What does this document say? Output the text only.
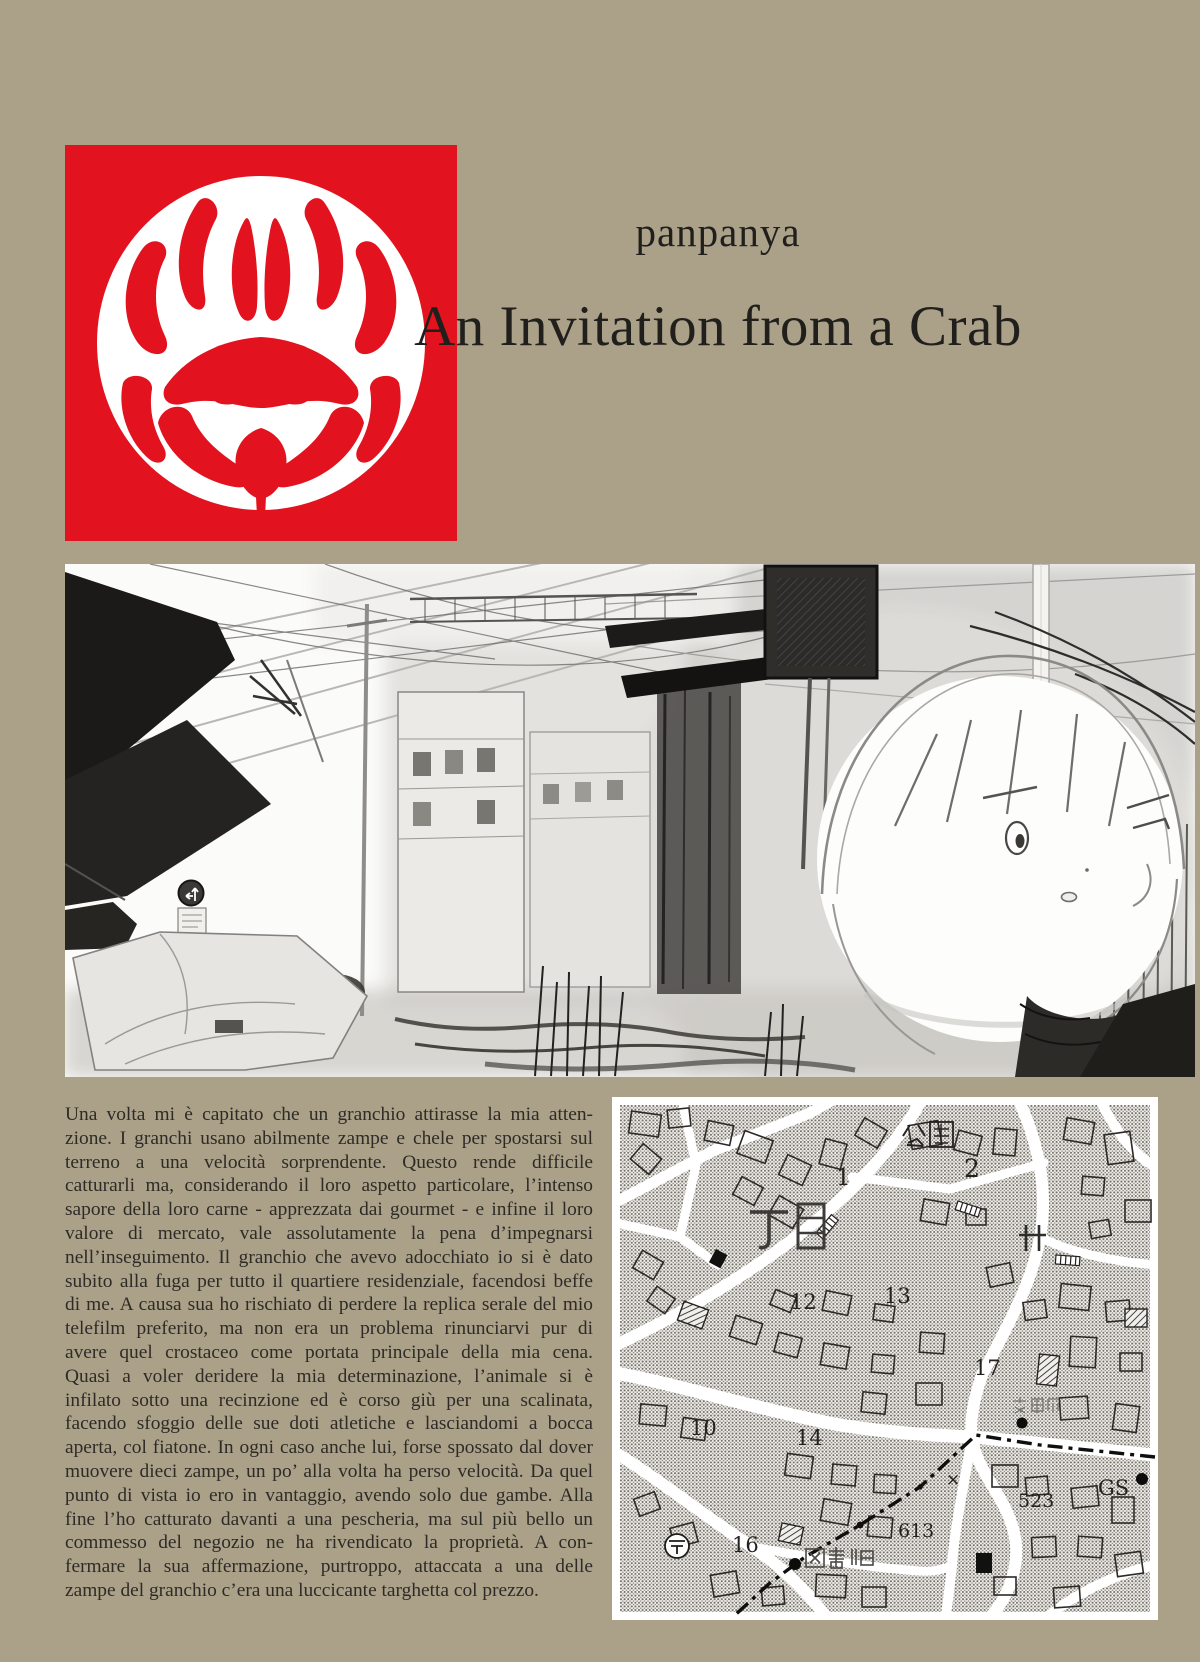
panpanya
An Invitation from a Crab
Una volta mi è capitato che un granchio attirasse la mia atten-
zione. I granchi usano abilmente zampe e chele per spostarsi sul
terreno a una velocità sorprendente. Questo rende difficile
catturarli ma, considerando il loro aspetto particolare, l’intenso
sapore della loro carne - apprezzata dai gourmet - e infine il loro
valore di mercato, vale assolutamente la pena d’impegnarsi
nell’inseguimento. Il granchio che avevo adocchiato io si è dato
subito alla fuga per tutto il quartiere residenziale, facendosi beffe
di me. A causa sua ho rischiato di perdere la replica serale del mio
telefilm preferito, ma non era un problema rinunciarvi pur di
avere quel crostaceo come portata principale della mia cena.
Quasi a voler deridere la mia determinazione, l’animale si è
infilato sotto una recinzione ed è corso giù per una scalinata,
facendo sfoggio delle sue doti atletiche e lasciandomi a bocca
aperta, col fiatone. In ogni caso anche lui, forse spossato dal dover
muovere dieci zampe, un po’ alla volta ha perso velocità. Da quel
punto di vista io ero in vantaggio, avendo solo due gambe. Alla
fine l’ho catturato davanti a una pescheria, ma sul più bello un
commesso del negozio ne ha rivendicato la proprietà. A con-
fermare la sua affermazione, purtroppo, attaccata a una delle
zampe del granchio c’era una luccicante targhetta col prezzo.
2
1
12	13
17
10	14
16
×
523
613
GS
